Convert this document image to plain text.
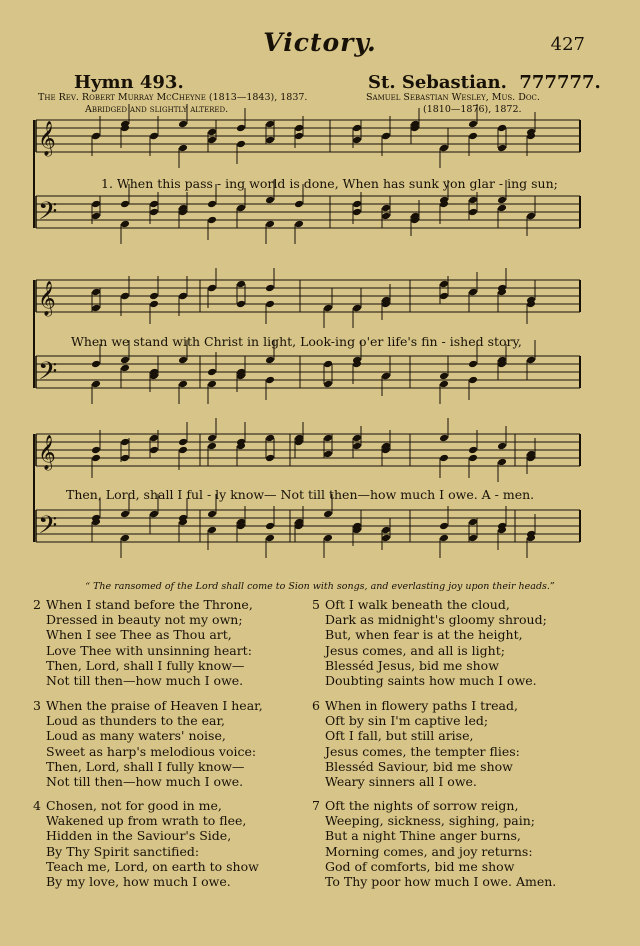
Victory.	427
Hymn 493.	St. Sebastian. 777777.
The Rev. Robert Murray McCheyne (1813—1843), 1837.
Abridged and slightly altered.
Samuel Sebastian Wesley, Mus. Doc.
(1810—1876), 1872.
𝄞
𝄢
𝄞
𝄢
𝄞
𝄢
1. When this pass - ing world is done, When has sunk yon glar - ing sun;
When we stand with Christ in light, Look-ing o'er life's fin - ished story,
Then, Lord, shall I ful - ly know— Not till then—how much I owe. A - men.
“ The ransomed of the Lord shall come to Sion with songs, and everlasting joy upon their heads.”
2 When I stand before the Throne,
Dressed in beauty not my own;
When I see Thee as Thou art,
Love Thee with unsinning heart:
Then, Lord, shall I fully know—
Not till then—how much I owe.
3 When the praise of Heaven I hear,
Loud as thunders to the ear,
Loud as many waters' noise,
Sweet as harp's melodious voice:
Then, Lord, shall I fully know—
Not till then—how much I owe.
4 Chosen, not for good in me,
Wakened up from wrath to flee,
Hidden in the Saviour's Side,
By Thy Spirit sanctified:
Teach me, Lord, on earth to show
By my love, how much I owe.
5 Oft I walk beneath the cloud,
Dark as midnight's gloomy shroud;
But, when fear is at the height,
Jesus comes, and all is light;
Blesséd Jesus, bid me show
Doubting saints how much I owe.
6 When in flowery paths I tread,
Oft by sin I'm captive led;
Oft I fall, but still arise,
Jesus comes, the tempter flies:
Blesséd Saviour, bid me show
Weary sinners all I owe.
7 Oft the nights of sorrow reign,
Weeping, sickness, sighing, pain;
But a night Thine anger burns,
Morning comes, and joy returns:
God of comforts, bid me show
To Thy poor how much I owe. Amen.
